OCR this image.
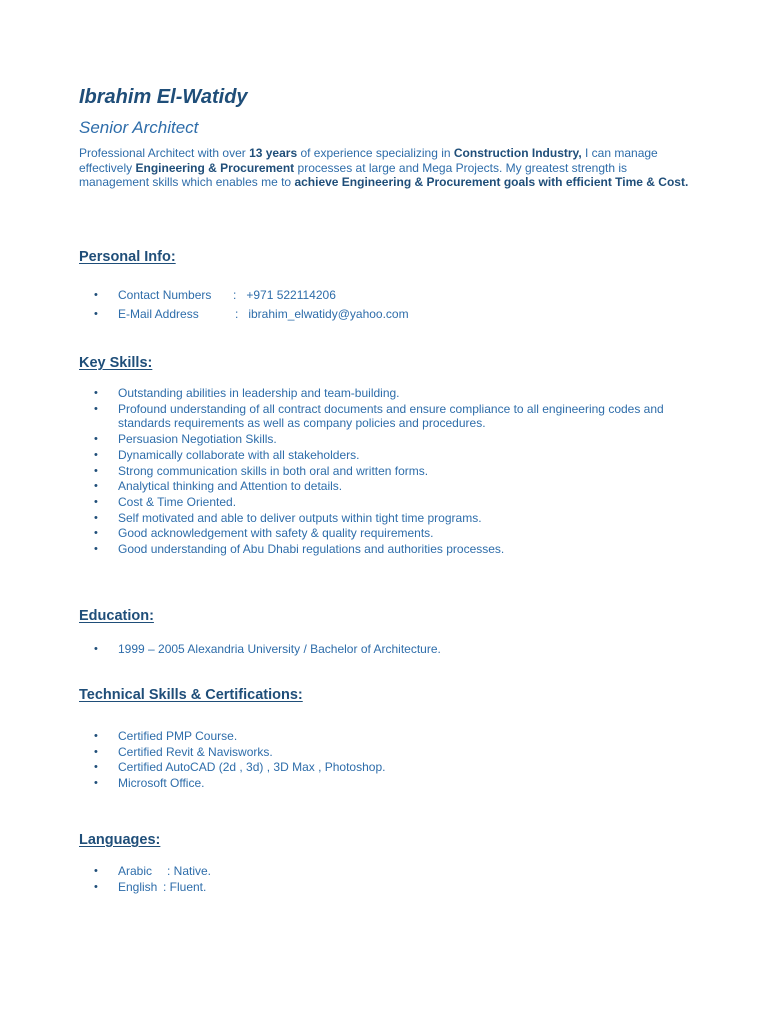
Ibrahim El-Watidy
Senior Architect
Professional Architect with over 13 years of experience specializing in Construction Industry, I can manage effectively Engineering & Procurement processes at large and Mega Projects. My greatest strength is management skills which enables me to achieve Engineering & Procurement goals with efficient Time & Cost.
Personal Info:
• Contact Numbers : +971 522114206
• E-Mail Address	: ibrahim_elwatidy@yahoo.com
Key Skills:
• Outstanding abilities in leadership and team-building.
• Profound understanding of all contract documents and ensure compliance to all engineering codes and standards requirements as well as company policies and procedures.
• Persuasion Negotiation Skills.
• Dynamically collaborate with all stakeholders.
• Strong communication skills in both oral and written forms.
• Analytical thinking and Attention to details.
• Cost & Time Oriented.
• Self motivated and able to deliver outputs within tight time programs.
• Good acknowledgement with safety & quality requirements.
• Good understanding of Abu Dhabi regulations and authorities processes.
Education:
• 1999 – 2005 Alexandria University / Bachelor of Architecture.
Technical Skills & Certifications:
• Certified PMP Course.
• Certified Revit & Navisworks.
• Certified AutoCAD (2d , 3d) , 3D Max , Photoshop.
• Microsoft Office.
Languages:
• Arabic : Native.
• English : Fluent.
